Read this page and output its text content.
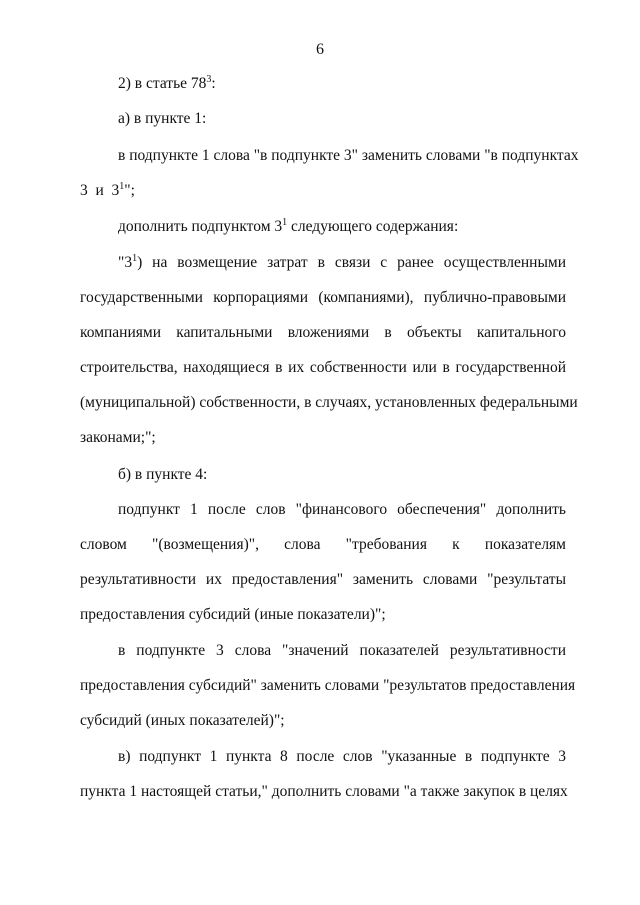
6
2) в статье $78^3$:
а) в пункте 1:
в подпункте 1 слова "в подпункте 3" заменить словами "в подпунктах
3  и  $3^1$";
дополнить подпунктом $3^1$ следующего содержания:
"$3^1$) на возмещение затрат в связи с ранее осуществленными
государственными корпорациями (компаниями), публично-правовыми
компаниями капитальными вложениями в объекты капитального
строительства, находящиеся в их собственности или в государственной
(муниципальной) собственности, в случаях, установленных федеральными
законами;";
б) в пункте 4:
подпункт 1 после слов "финансового обеспечения" дополнить
словом "(возмещения)", слова "требования к показателям
результативности их предоставления" заменить словами "результаты
предоставления субсидий (иные показатели)";
в подпункте 3 слова "значений показателей результативности
предоставления субсидий" заменить словами "результатов предоставления
субсидий (иных показателей)";
в) подпункт 1 пункта 8 после слов "указанные в подпункте 3
пункта 1 настоящей статьи," дополнить словами "а также закупок в целях
